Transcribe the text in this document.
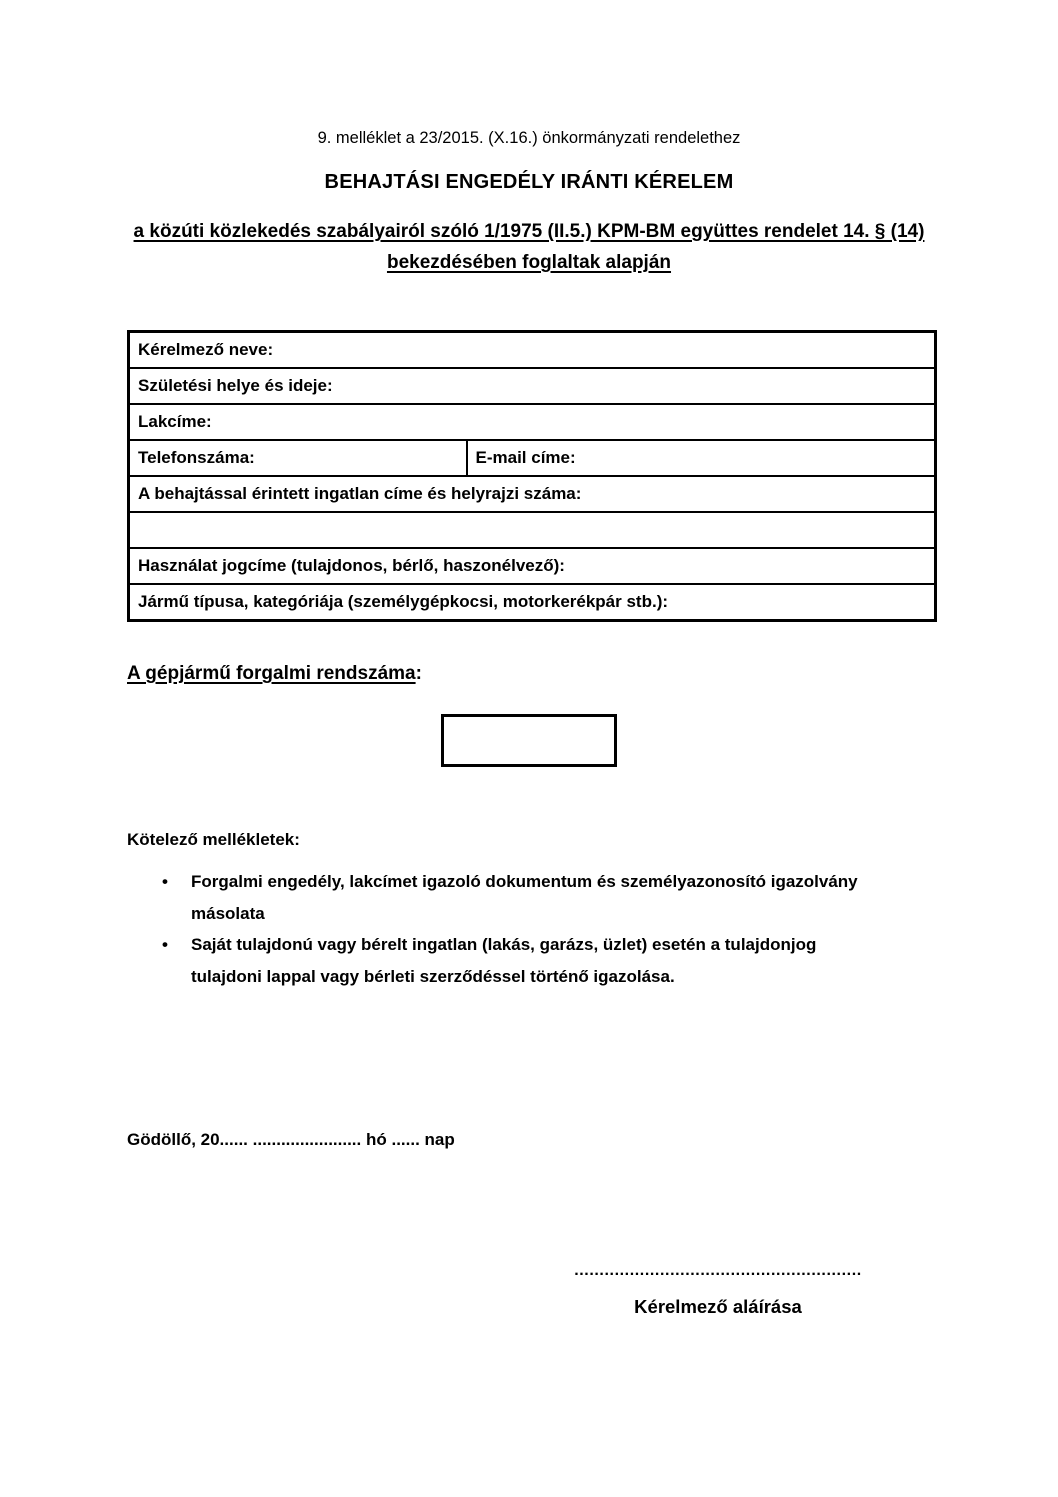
9. melléklet a 23/2015. (X.16.) önkormányzati rendelethez
BEHAJTÁSI ENGEDÉLY IRÁNTI KÉRELEM
a közúti közlekedés szabályairól szóló 1/1975 (II.5.) KPM-BM együttes rendelet 14. § (14)
bekezdésében foglaltak alapján
Kérelmező neve:
Születési helye és ideje:
Lakcíme:
Telefonszáma:	E-mail címe:
A behajtással érintett ingatlan címe és helyrajzi száma:

Használat jogcíme (tulajdonos, bérlő, haszonélvező):
Jármű típusa, kategóriája (személygépkocsi, motorkerékpár stb.):
A gépjármű forgalmi rendszáma:
Kötelező mellékletek:
• Forgalmi engedély, lakcímet igazoló dokumentum és személyazonosító igazolvány
másolata
• Saját tulajdonú vagy bérelt ingatlan (lakás, garázs, üzlet) esetén a tulajdonjog
tulajdoni lappal vagy bérleti szerződéssel történő igazolása.
Gödöllő, 20...... ....................... hó ...... nap
.........................................................
Kérelmező aláírása
